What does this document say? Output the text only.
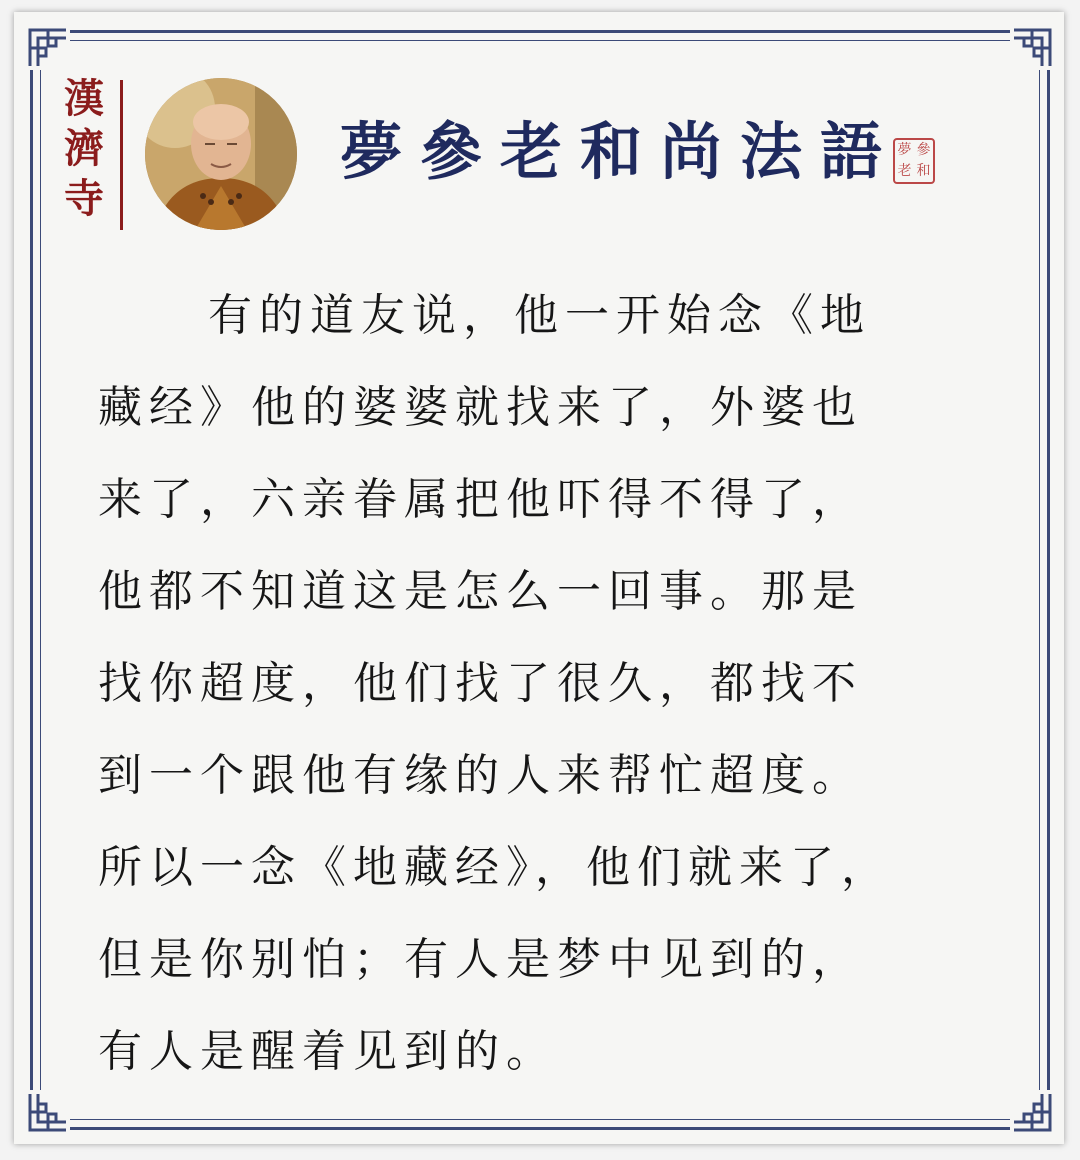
漢
濟
寺
夢參老和尚法語
夢 參
老 和
有的道友说，他一开始念《地
藏经》他的婆婆就找来了，外婆也
来了，六亲眷属把他吓得不得了，
他都不知道这是怎么一回事。那是
找你超度，他们找了很久，都找不
到一个跟他有缘的人来帮忙超度。
所以一念《地藏经》，他们就来了，
但是你别怕；有人是梦中见到的，
有人是醒着见到的。
